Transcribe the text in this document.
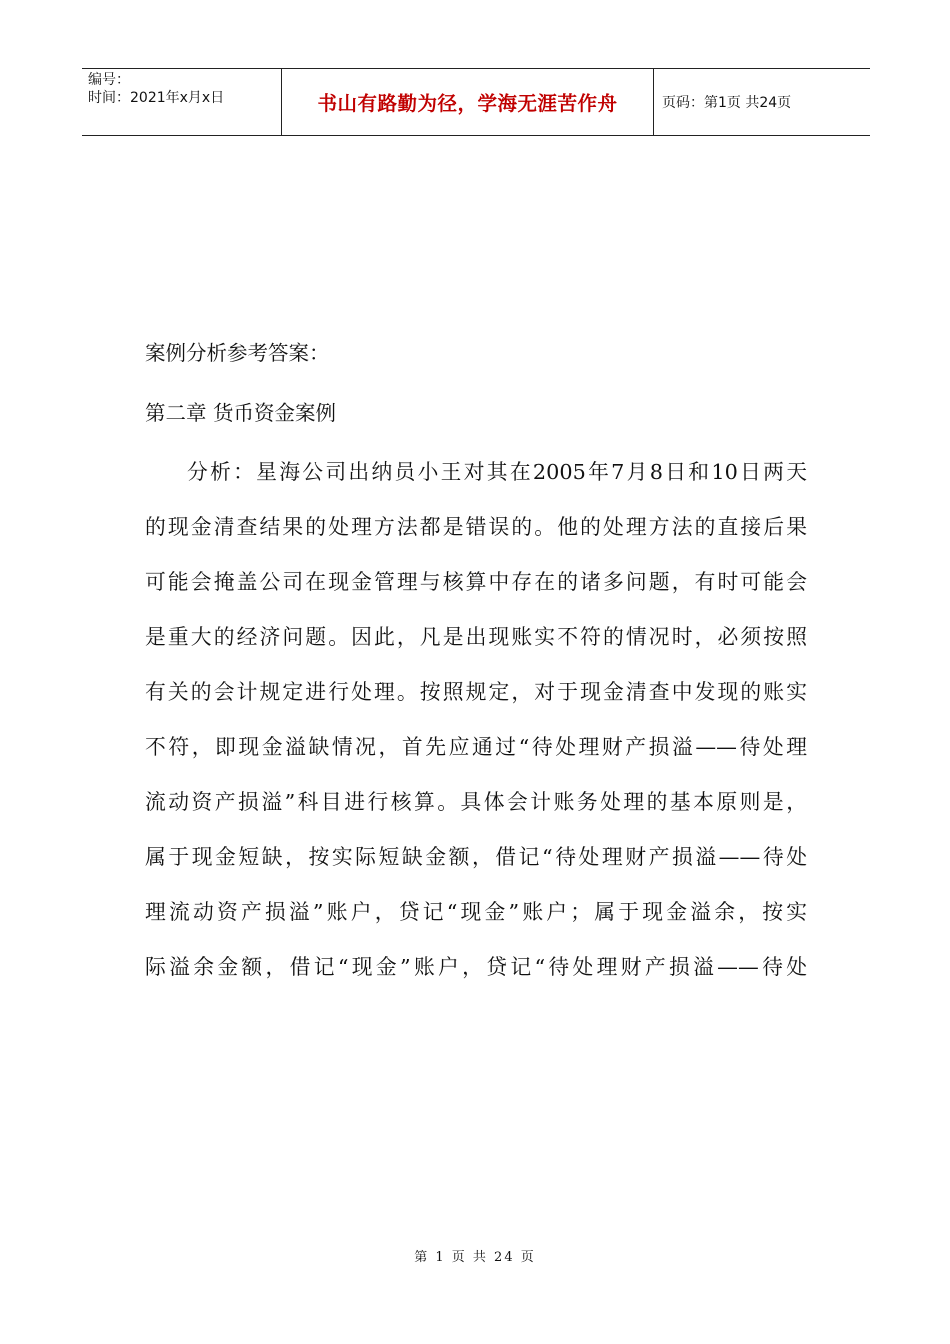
编号：
时间：2021年x月x日	书山有路勤为径，学海无涯苦作舟	页码：第1页 共24页
案例分析参考答案：
第二章 货币资金案例
分析：星海公司出纳员小王对其在2005年7月8日和10日两天
的现金清查结果的处理方法都是错误的。他的处理方法的直接后果
可能会掩盖公司在现金管理与核算中存在的诸多问题，有时可能会
是重大的经济问题。因此，凡是出现账实不符的情况时，必须按照
有关的会计规定进行处理。按照规定，对于现金清查中发现的账实
不符，即现金溢缺情况，首先应通过“待处理财产损溢——待处理
流动资产损溢”科目进行核算。具体会计账务处理的基本原则是，
属于现金短缺，按实际短缺金额，借记“待处理财产损溢——待处
理流动资产损溢”账户，贷记“现金”账户；属于现金溢余，按实
际溢余金额，借记“现金”账户，贷记“待处理财产损溢——待处
第 1 页 共 24 页
